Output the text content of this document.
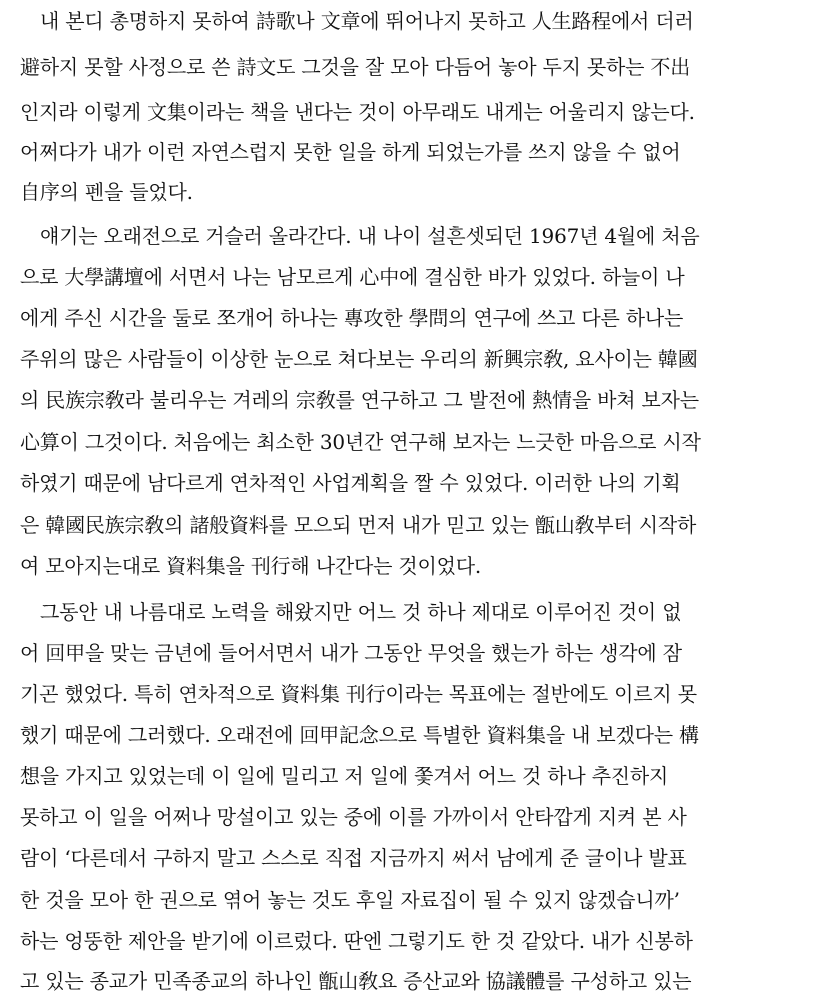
내 본디 총명하지 못하여 詩歌나 文章에 뛰어나지 못하고 人生路程에서 더러
避하지 못할 사정으로 쓴 詩文도 그것을 잘 모아 다듬어 놓아 두지 못하는 不出
인지라 이렇게 文集이라는 책을 낸다는 것이 아무래도 내게는 어울리지 않는다.
어쩌다가 내가 이런 자연스럽지 못한 일을 하게 되었는가를 쓰지 않을 수 없어
自序의 펜을 들었다.
얘기는 오래전으로 거슬러 올라간다. 내 나이 설흔셋되던 1967년 4월에 처음
으로 大學講壇에 서면서 나는 남모르게 心中에 결심한 바가 있었다. 하늘이 나
에게 주신 시간을 둘로 쪼개어 하나는 專攻한 學問의 연구에 쓰고 다른 하나는
주위의 많은 사람들이 이상한 눈으로 쳐다보는 우리의 新興宗敎, 요사이는 韓國
의 民族宗敎라 불리우는 겨레의 宗敎를 연구하고 그 발전에 熱情을 바쳐 보자는
心算이 그것이다. 처음에는 최소한 30년간 연구해 보자는 느긋한 마음으로 시작
하였기 때문에 남다르게 연차적인 사업계획을 짤 수 있었다. 이러한 나의 기획
은 韓國民族宗敎의 諸般資料를 모으되 먼저 내가 믿고 있는 甑山敎부터 시작하
여 모아지는대로 資料集을 刊行해 나간다는 것이었다.
그동안 내 나름대로 노력을 해왔지만 어느 것 하나 제대로 이루어진 것이 없
어 回甲을 맞는 금년에 들어서면서 내가 그동안 무엇을 했는가 하는 생각에 잠
기곤 했었다. 특히 연차적으로 資料集 刊行이라는 목표에는 절반에도 이르지 못
했기 때문에 그러했다. 오래전에 回甲記念으로 특별한 資料集을 내 보겠다는 構
想을 가지고 있었는데 이 일에 밀리고 저 일에 쫓겨서 어느 것 하나 추진하지
못하고 이 일을 어쩌나 망설이고 있는 중에 이를 가까이서 안타깝게 지켜 본 사
람이 ‘다른데서 구하지 말고 스스로 직접 지금까지 써서 남에게 준 글이나 발표
한 것을 모아 한 권으로 엮어 놓는 것도 후일 자료집이 될 수 있지 않겠습니까’
하는 엉뚱한 제안을 받기에 이르렀다. 딴엔 그렇기도 한 것 같았다. 내가 신봉하
고 있는 종교가 민족종교의 하나인 甑山敎요 증산교와 協議體를 구성하고 있는
